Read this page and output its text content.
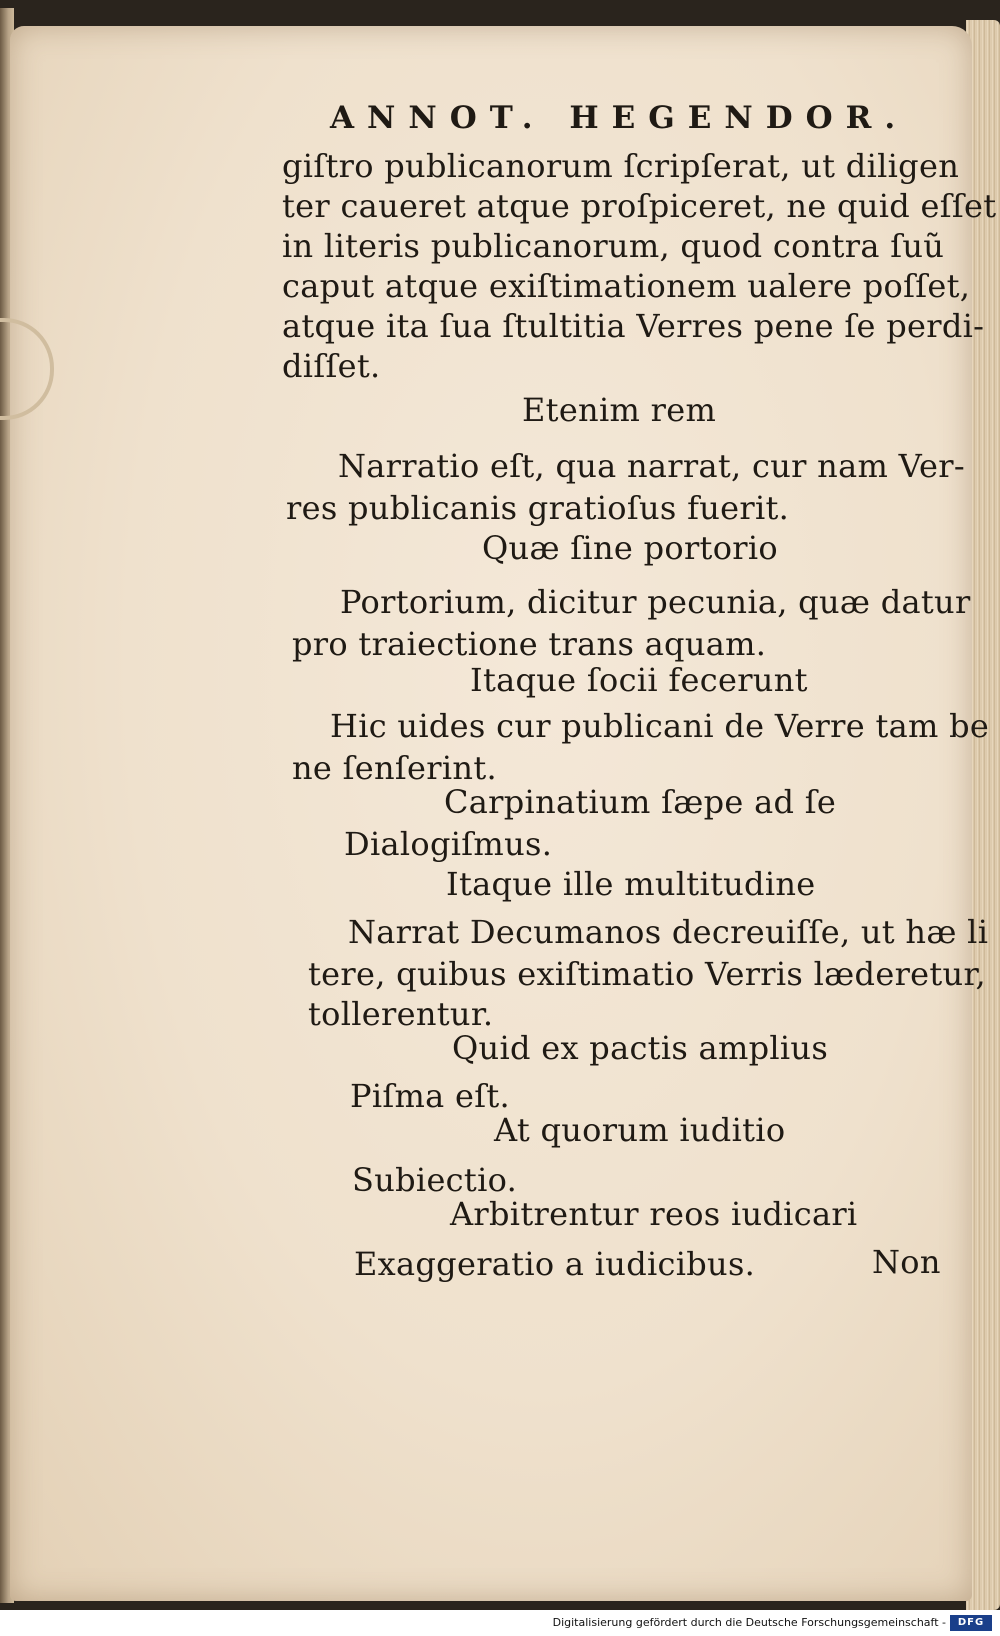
ANNOT. HEGENDOR.
giſtro publicanorum ſcripſerat, ut diligen
ter caueret atque proſpiceret, ne quid eſſet
in literis publicanorum, quod contra ſuũ
caput atque exiſtimationem ualere poſſet,
atque ita ſua ſtultitia Verres pene ſe perdi-
diſſet.
Etenim rem
Narratio eſt, qua narrat, cur nam Ver-
res publicanis gratioſus fuerit.
Quæ ſine portorio
Portorium, dicitur pecunia, quæ datur
pro traiectione trans aquam.
Itaque ſocii fecerunt
Hic uides cur publicani de Verre tam be
ne ſenſerint.
Carpinatium ſæpe ad ſe
Dialogiſmus.
Itaque ille multitudine
Narrat Decumanos decreuiſſe, ut hæ li
tere, quibus exiſtimatio Verris læderetur,
tollerentur.
Quid ex pactis amplius
Piſma eſt.
At quorum iuditio
Subiectio.
Arbitrentur reos iudicari
Exaggeratio a iudicibus.	Non
Digitalisierung gefördert durch die Deutsche Forschungsgemeinschaft -	DFG
